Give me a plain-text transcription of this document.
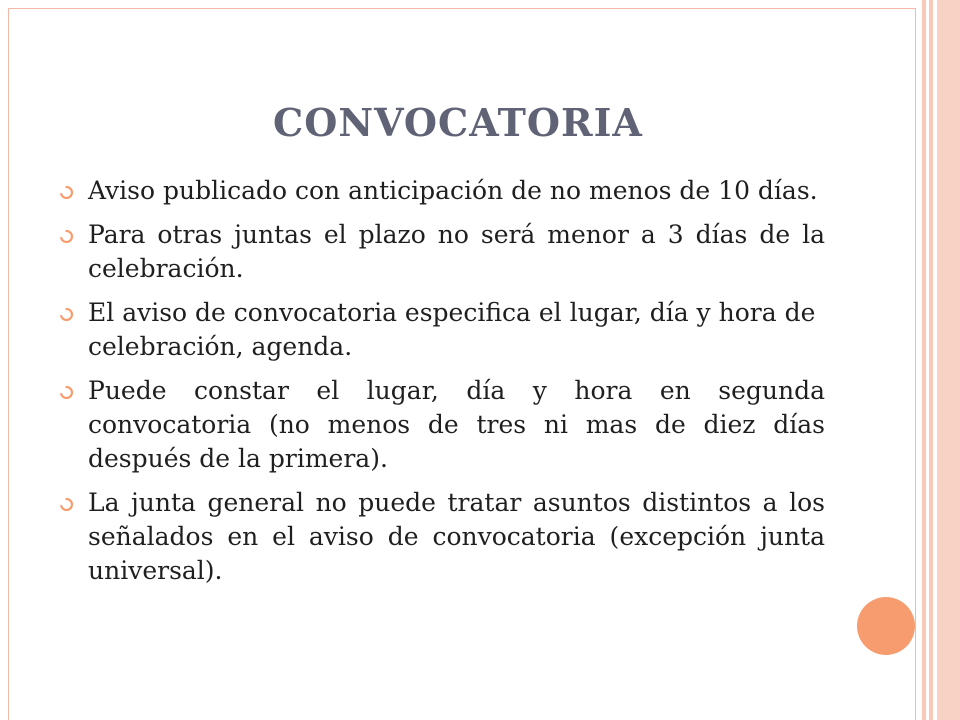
CONVOCATORIA
Aviso publicado con anticipación de no menos de 10 días.
Para otras juntas el plazo no será menor a 3 días de la celebración.
El aviso de convocatoria especifica el lugar, día y hora de celebración, agenda.
Puede constar el lugar, día y hora en segunda convocatoria (no menos de tres ni mas de diez días después de la primera).
La junta general no puede tratar asuntos distintos a los señalados en el aviso de convocatoria (excepción junta universal).
